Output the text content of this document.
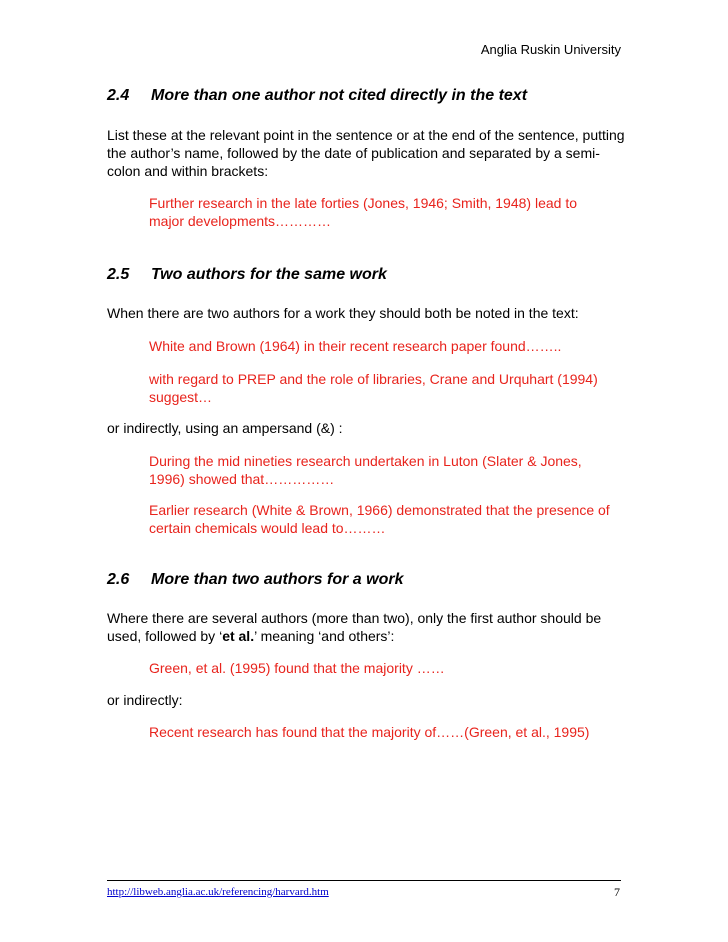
Anglia Ruskin University
2.4	More than one author not cited directly in the text
List these at the relevant point in the sentence or at the end of the sentence, putting the author’s name, followed by the date of publication and separated by a semi-colon and within brackets:
Further research in the late forties (Jones, 1946; Smith, 1948) lead to major developments…………
2.5	Two authors for the same work
When there are two authors for a work they should both be noted in the text:
White and Brown (1964) in their recent research paper found……..
with regard to PREP and the role of libraries, Crane and Urquhart (1994) suggest…
or indirectly, using an ampersand (&) :
During the mid nineties research undertaken in Luton (Slater & Jones, 1996) showed that……………
Earlier research (White & Brown, 1966) demonstrated that the presence of certain chemicals would lead to………
2.6	More than two authors for a work
Where there are several authors (more than two), only the first author should be used, followed by ‘et al.’ meaning ‘and others’:
Green, et al. (1995) found that the majority ……
or indirectly:
Recent research has found that the majority of……(Green, et al., 1995)
http://libweb.anglia.ac.uk/referencing/harvard.htm	7
